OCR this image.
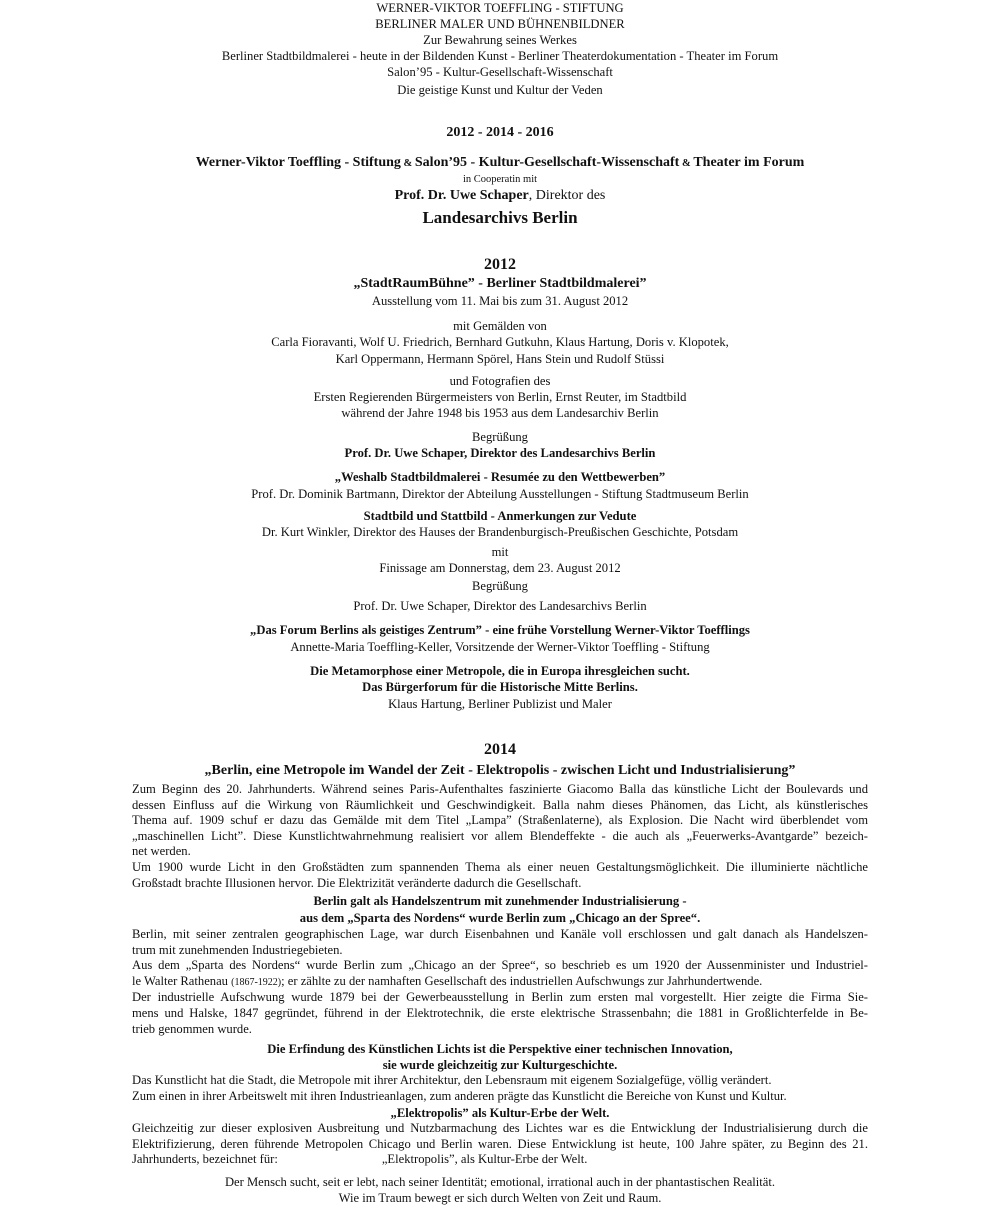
WERNER-VIKTOR TOEFFLING - STIFTUNG
BERLINER MALER UND BÜHNENBILDNER
Zur Bewahrung seines Werkes
Berliner Stadtbildmalerei - heute in der Bildenden Kunst - Berliner Theaterdokumentation - Theater im Forum
Salon’95 - Kultur-Gesellschaft-Wissenschaft
Die geistige Kunst und Kultur der Veden
2012 - 2014 - 2016
Werner-Viktor Toeffling - Stiftung & Salon’95 - Kultur-Gesellschaft-Wissenschaft & Theater im Forum
in Cooperatin mit
Prof. Dr. Uwe Schaper, Direktor des
Landesarchivs Berlin
2012
„StadtRaumBühne” - Berliner Stadtbildmalerei”
Ausstellung vom 11. Mai bis zum 31. August 2012
mit Gemälden von
Carla Fioravanti, Wolf U. Friedrich, Bernhard Gutkuhn, Klaus Hartung, Doris v. Klopotek,
Karl Oppermann, Hermann Spörel, Hans Stein und Rudolf Stüssi
und Fotografien des
Ersten Regierenden Bürgermeisters von Berlin, Ernst Reuter, im Stadtbild
während der Jahre 1948 bis 1953 aus dem Landesarchiv Berlin
Begrüßung
Prof. Dr. Uwe Schaper, Direktor des Landesarchivs Berlin
„Weshalb Stadtbildmalerei - Resumée zu den Wettbewerben”
Prof. Dr. Dominik Bartmann, Direktor der Abteilung Ausstellungen - Stiftung Stadtmuseum Berlin
Stadtbild und Stattbild - Anmerkungen zur Vedute
Dr. Kurt Winkler, Direktor des Hauses der Brandenburgisch-Preußischen Geschichte, Potsdam
mit
Finissage am Donnerstag, dem 23. August 2012
Begrüßung
Prof. Dr. Uwe Schaper, Direktor des Landesarchivs Berlin
„Das Forum Berlins als geistiges Zentrum” - eine frühe Vorstellung Werner-Viktor Toefflings
Annette-Maria Toeffling-Keller, Vorsitzende der Werner-Viktor Toeffling - Stiftung
Die Metamorphose einer Metropole, die in Europa ihresgleichen sucht.
Das Bürgerforum für die Historische Mitte Berlins.
Klaus Hartung, Berliner Publizist und Maler
2014
„Berlin, eine Metropole im Wandel der Zeit - Elektropolis - zwischen Licht und Industrialisierung”
Zum Beginn des 20. Jahrhunderts. Während seines Paris-Aufenthaltes faszinierte Giacomo Balla das künstliche Licht der Boulevards und
dessen Einfluss auf die Wirkung von Räumlichkeit und Geschwindigkeit. Balla nahm dieses Phänomen, das Licht, als künstlerisches
Thema auf. 1909 schuf er dazu das Gemälde mit dem Titel „Lampa” (Straßenlaterne), als Explosion. Die Nacht wird überblendet vom
„maschinellen Licht”. Diese Kunstlichtwahrnehmung realisiert vor allem Blendeffekte - die auch als „Feuerwerks-Avantgarde” bezeich-
net werden.
Um 1900 wurde Licht in den Großstädten zum spannenden Thema als einer neuen Gestaltungsmöglichkeit. Die illuminierte nächtliche
Großstadt brachte Illusionen hervor. Die Elektrizität veränderte dadurch die Gesellschaft.
Berlin galt als Handelszentrum mit zunehmender Industrialisierung -
aus dem „Sparta des Nordens“ wurde Berlin zum „Chicago an der Spree“.
Berlin, mit seiner zentralen geographischen Lage, war durch Eisenbahnen und Kanäle voll erschlossen und galt danach als Handelszen-
trum mit zunehmenden Industriegebieten.
Aus dem „Sparta des Nordens“ wurde Berlin zum „Chicago an der Spree“, so beschrieb es um 1920 der Aussenminister und Industriel-
le Walter Rathenau (1867-1922); er zählte zu der namhaften Gesellschaft des industriellen Aufschwungs zur Jahrhundertwende.
Der industrielle Aufschwung wurde 1879 bei der Gewerbeausstellung in Berlin zum ersten mal vorgestellt. Hier zeigte die Firma Sie-
mens und Halske, 1847 gegründet, führend in der Elektrotechnik, die erste elektrische Strassenbahn; die 1881 in Großlichterfelde in Be-
trieb genommen wurde.
Die Erfindung des Künstlichen Lichts ist die Perspektive einer technischen Innovation,
sie wurde gleichzeitig zur Kulturgeschichte.
Das Kunstlicht hat die Stadt, die Metropole mit ihrer Architektur, den Lebensraum mit eigenem Sozialgefüge, völlig verändert.
Zum einen in ihrer Arbeitswelt mit ihren Industrieanlagen, zum anderen prägte das Kunstlicht die Bereiche von Kunst und Kultur.
„Elektropolis” als Kultur-Erbe der Welt.
Gleichzeitig zur dieser explosiven Ausbreitung und Nutzbarmachung des Lichtes war es die Entwicklung der Industrialisierung durch die
Elektrifizierung, deren führende Metropolen Chicago und Berlin waren. Diese Entwicklung ist heute, 100 Jahre später, zu Beginn des 21.
Jahrhunderts, bezeichnet für:	„Elektropolis”, als Kultur-Erbe der Welt.
Der Mensch sucht, seit er lebt, nach seiner Identität; emotional, irrational auch in der phantastischen Realität.
Wie im Traum bewegt er sich durch Welten von Zeit und Raum.
